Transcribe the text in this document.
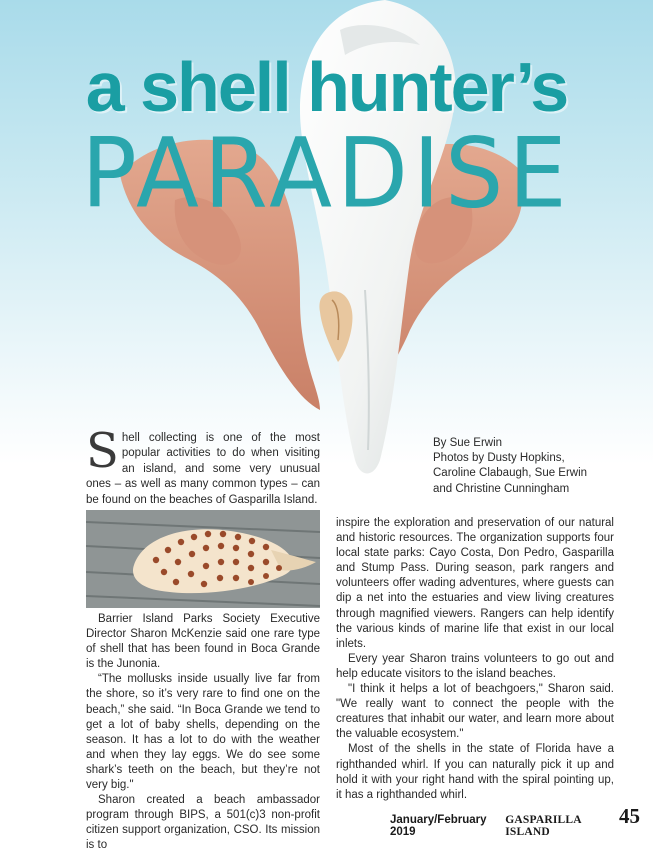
a shell hunter’s
PARADISE
Shell collecting is one of the most popular activities to do when visiting an island, and some very unusual ones – as well as many common types – can be found on the beaches of Gasparilla Island.
By Sue Erwin
Photos by Dusty Hopkins,
Caroline Clabaugh, Sue Erwin
and Christine Cunningham

Barrier Island Parks Society Executive Director Sharon McKenzie said one rare type of shell that has been found in Boca Grande is the Junonia.

“The mollusks inside usually live far from the shore, so it’s very rare to find one on the beach,” she said. “In Boca Grande we tend to get a lot of baby shells, depending on the season. It has a lot to do with the weather and when they lay eggs. We do see some shark’s teeth on the beach, but they’re not very big."

Sharon created a beach ambassador program through BIPS, a 501(c)3 non-profit citizen support organization, CSO. Its mission is to

inspire the exploration and preservation of our natural and historic resources. The organization supports four local state parks: Cayo Costa, Don Pedro, Gasparilla and Stump Pass. During season, park rangers and volunteers offer wading adventures, where guests can dip a net into the estuaries and view living creatures through magnified viewers. Rangers can help identify the various kinds of marine life that exist in our local inlets.

Every year Sharon trains volunteers to go out and help educate visitors to the island beaches.

"I think it helps a lot of beachgoers," Sharon said. "We really want to connect the people with the creatures that inhabit our water, and learn more about the valuable ecosystem."

Most of the shells in the state of Florida have a righthanded whirl. If you can naturally pick it up and hold it with your right hand with the spiral pointing up, it has a righthanded whirl.

January/February 2019
GASPARILLA ISLAND
45
